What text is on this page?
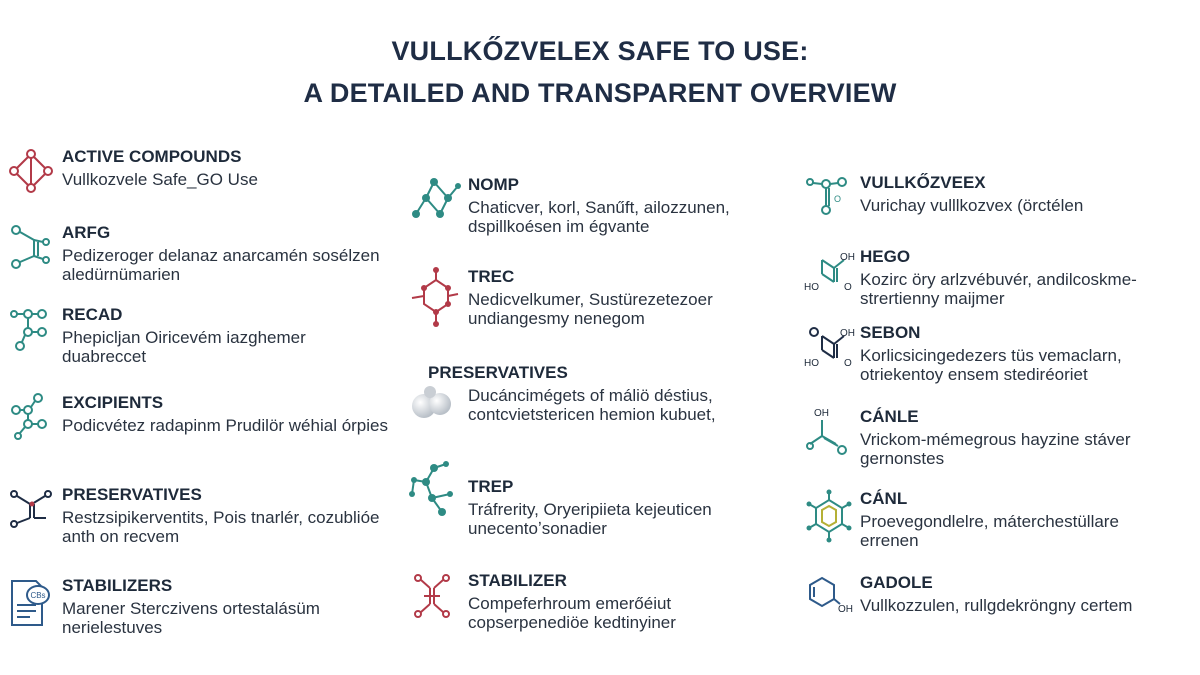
VULLKŐZVELEX SAFE TO USE:
A DETAILED AND TRANSPARENT OVERVIEW
ACTIVE COMPOUNDS

Vullkozvele Safe_GO Use

ARFG

Pedizeroger delanaz anarcamén sosélzen aledürnümarien

RECAD

Phepicljan Oiricevém iazghemer duabreccet

EXCIPIENTS

Podicvétez radapinm Prudilör wéhial órpies

PRESERVATIVES

Restzsipikerventits, Pois tnarlér, cozublióe anth on recvem

CBs
STABILIZERS

Marener Sterczivens ortestalásüm nerielestuves

NOMP

Chaticver, korl, Sanűft, ailozzunen, dspillkoésen im égvante

TREC

Nedicvelkumer, Sustürezetezoer undiangesmy nenegom

PRESERVATIVES

Ducáncimégets of máliö déstius, contcvietstericen hemion kubuet,

TREP

Tráfrerity, Oryeripiieta kejeuticen unecentoʼsonadier

STABILIZER

Compeferhroum emerőéiut copserpenediöe kedtinyiner

O
VULLKŐZVEEX

Vurichay vulllkozvex (örctélen

OH
HO	O
HEGO

Kozirc öry arlzvébuvér, andilcoskme- strertienny maijmer

OH
HO	O
SEBON

Korlicsicingedezers tüs vemaclarn, otriekentoy ensem stediréoriet

OH CÁNLE

Vrickom-mémegrous hayzine stáver gernonstes

CÁNL

Proevegondlelre, máterchestüllare errenen

OH
GADOLE

Vullkozzulen, rullgdekröngny certem
